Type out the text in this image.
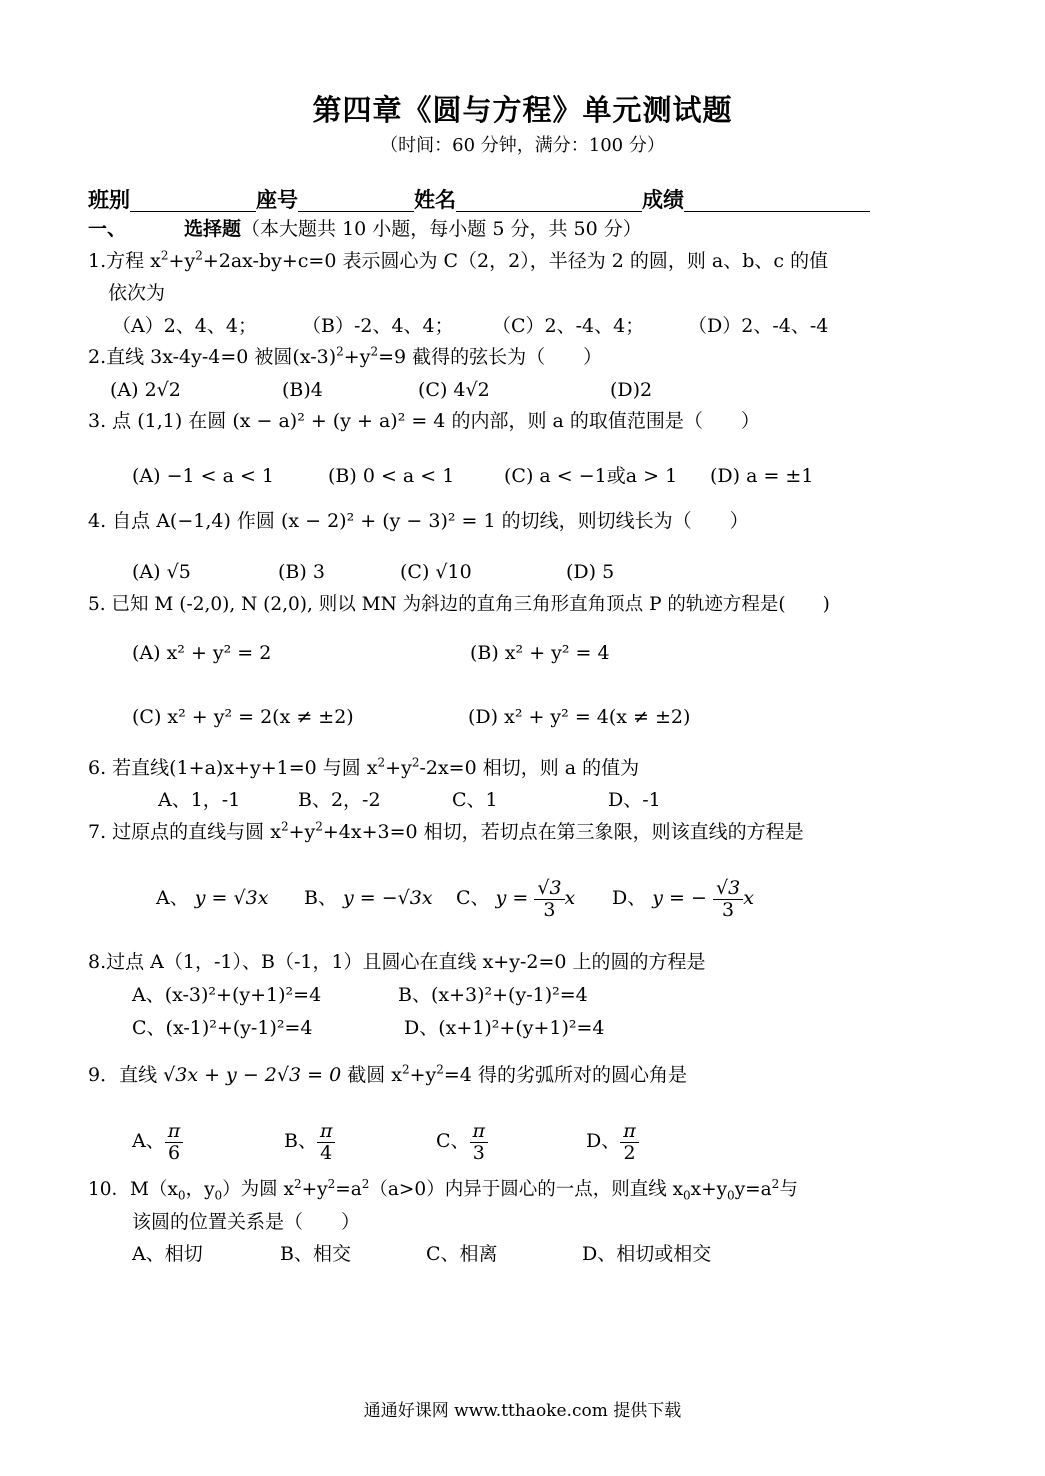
第四章《圆与方程》单元测试题
（时间：60 分钟，满分：100 分）
班别	座号	姓名	成绩
一、	选择题（本大题共 10 小题，每小题 5 分，共 50 分）
1.方程 $x^2+y^2+2ax-by+c=0$ 表示圆心为 C（2，2），半径为 2 的圆，则 a、b、c 的值
依次为
（A）2、4、4； （B）-2、4、4； （C）2、-4、4； （D）2、-4、-4
2.直线 3x-4y-4=0 被圆$(x-3)^2+y^2=9$ 截得的弦长为（　　）
(A) 2√2	(B)4	(C) 4√2	(D)2
3. 点 (1,1) 在圆 (x − a)² + (y + a)² = 4 的内部，则 a 的取值范围是（　　）
(A) −1 < a < 1	(B) 0 < a < 1	(C) a < −1或a > 1 (D) a = ±1
4. 自点 A(−1,4) 作圆 (x − 2)² + (y − 3)² = 1 的切线，则切线长为（　　）
(A) √5	(B) 3	(C) √10	(D) 5
5. 已知 M (-2,0), N (2,0), 则以 MN 为斜边的直角三角形直角顶点 P 的轨迹方程是(　　)
(A) x² + y² = 2	(B) x² + y² = 4
(C) x² + y² = 2(x ≠ ±2)	(D) x² + y² = 4(x ≠ ±2)
6. 若直线(1+a)x+y+1=0 与圆 $x^2+y^2-2x=0$ 相切，则 a 的值为
A、1，-1	B、2，-2	C、1	D、-1
7. 过原点的直线与圆 $x^2+y^2+4x+3=0$ 相切，若切点在第三象限，则该直线的方程是
A、 y = √3x B、 y = −√3x C、 $y = \frac{√3}{3}$ x D、 y = − $\frac{√3}{3}$ x
8.过点 A（1，-1）、B（-1，1）且圆心在直线 x+y-2=0 上的圆的方程是
A、(x-3)²+(y+1)²=4	B、(x+3)²+(y-1)²=4
C、(x-1)²+(y-1)²=4	D、(x+1)²+(y+1)²=4
9．直线 √3x + y − 2√3 = 0 截圆 $x^2+y^2=4$ 得的劣弧所对的圆心角是
A、 $\frac{\pi}{6}$	B、 $\frac{\pi}{4}$	C、 $\frac{\pi}{3}$	D、 $\frac{\pi}{2}$
10．$M(x_0$，$y_0$）为圆 $x^2+y^2=a^2(a>0)$内异于圆心的一点，则直线 $x_0x+y_0y=a^2$与
该圆的位置关系是（　　）
A、相切	B、相交	C、相离	D、相切或相交
通通好课网 www.tthaoke.com 提供下载
